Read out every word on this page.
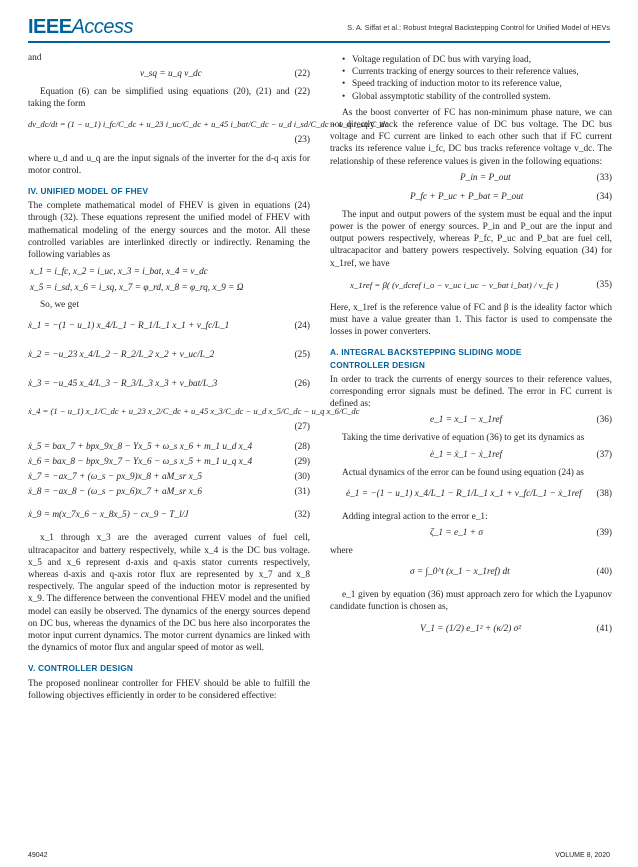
IEEEAccess	S. A. Siffat et al.: Robust Integral Backstepping Control for Unified Model of HEVs

and

v_sq = u_q v_dc	(22)

Equation (6) can be simplified using equations (20), (21) and (22) taking the form

dv_dc/dt = (1 − u_1) i_fc/C_dc + u_23 i_uc/C_dc + u_45 i_bat/C_dc − u_d i_sd/C_dc − u_q i_sq/C_dc
(23)

where u_d and u_q are the input signals of the inverter for the d-q axis for motor control.

IV. UNIFIED MODEL OF FHEV

The complete mathematical model of FHEV is given in equations (24) through (32). These equations represent the unified model of FHEV with mathematical modeling of the energy sources and the motor. All these controlled variables are interlinked directly or indirectly. Renaming the following variables as

x_1 = i_fc, x_2 = i_uc, x_3 = i_bat, x_4 = v_dc
x_5 = i_sd, x_6 = i_sq, x_7 = φ_rd, x_8 = φ_rq, x_9 = Ω

So, we get

ẋ_1 = −(1 − u_1) x_4/L_1 − R_1/L_1 x_1 + v_fc/L_1	(24)
ẋ_2 = −u_23 x_4/L_2 − R_2/L_2 x_2 + v_uc/L_2	(25)
ẋ_3 = −u_45 x_4/L_3 − R_3/L_3 x_3 + v_bat/L_3	(26)
ẋ_4 = (1 − u_1) x_1/C_dc + u_23 x_2/C_dc + u_45 x_3/C_dc − u_d x_5/C_dc − u_q x_6/C_dc
(27)
ẋ_5 = bax_7 + bpx_9x_8 − Υx_5 + ω_s x_6 + m_1 u_d x_4	(28)
ẋ_6 = bax_8 − bpx_9x_7 − Υx_6 − ω_s x_5 + m_1 u_q x_4	(29)
ẋ_7 = −ax_7 + (ω_s − px_9)x_8 + aM_sr x_5	(30)
ẋ_8 = −ax_8 − (ω_s − px_6)x_7 + aM_sr x_6	(31)
ẋ_9 = m(x_7x_6 − x_8x_5) − cx_9 − T_l/J	(32)

x_1 through x_3 are the averaged current values of fuel cell, ultracapacitor and battery respectively, while x_4 is the DC bus voltage. x_5 and x_6 represent d-axis and q-axis stator currents respectively, whereas d-axis and q-axis rotor flux are represented by x_7 and x_8 respectively. The angular speed of the induction motor is represented by x_9. The difference between the conventional FHEV model and the unified model can easily be observed. The dynamics of the energy sources depend on DC bus, whereas the dynamics of the DC bus here also incorporates the motor input current dynamics. The motor current dynamics are linked with the dynamics of motor flux and angular speed of motor as well.

V. CONTROLLER DESIGN

The proposed nonlinear controller for FHEV should be able to fulfill the following objectives efficiently in order to be considered effective:

• Voltage regulation of DC bus with varying load,
• Currents tracking of energy sources to their reference values,
• Speed tracking of induction motor to its reference value,
• Global assymptotic stability of the controlled system.

As the boost converter of FC has non-minimum phase nature, we can not directly track the reference value of DC bus voltage. The DC bus voltage and FC current are linked to each other such that if FC current tracks its reference value i_fc, DC bus tracks reference voltage v_dc. The relationship of these reference values is given in the following equations:

P_in = P_out	(33)
P_fc + P_uc + P_bat = P_out	(34)

The input and output powers of the system must be equal and the input power is the power of energy sources. P_in and P_out are the input and output powers respectively, whereas P_fc, P_uc and P_bat are fuel cell, ultracapacitor and battery powers respectively. Solving equation (34) for x_1ref, we have

x_1ref = β( (v_dcref i_o − v_uc i_uc − v_bat i_bat) / v_fc )	(35)

Here, x_1ref is the reference value of FC and β is the ideality factor which must have a value greater than 1. This factor is used to compensate the losses in power converters.

A. INTEGRAL BACKSTEPPING SLIDING MODE
CONTROLLER DESIGN

In order to track the currents of energy sources to their reference values, corresponding error signals must be defined. The error in FC current is defined as:

e_1 = x_1 − x_1ref	(36)

Taking the time derivative of equation (36) to get its dynamics as

ė_1 = ẋ_1 − ẋ_1ref	(37)

Actual dynamics of the error can be found using equation (24) as

ė_1 = −(1 − u_1) x_4/L_1 − R_1/L_1 x_1 + v_fc/L_1 − ẋ_1ref (38)

Adding integral action to the error e_1:

ζ_1 = e_1 + σ	(39)

where

σ = ∫_0^t (x_1 − x_1ref) dt	(40)

e_1 given by equation (36) must approach zero for which the Lyapunov candidate function is chosen as,

V_1 = (1/2) e_1² + (κ/2) σ²	(41)
49042	VOLUME 8, 2020
